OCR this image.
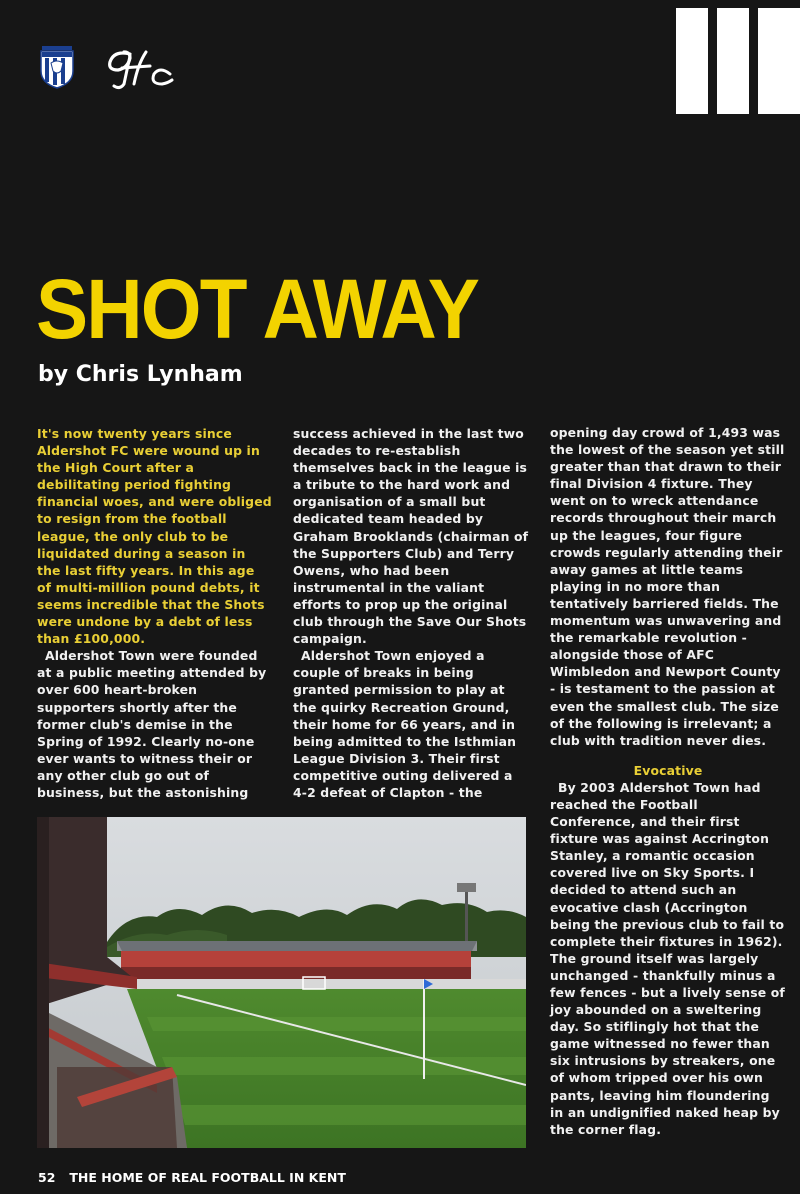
SHOT AWAY
by Chris Lynham

It's now twenty years since Aldershot FC were wound up in the High Court after a debilitating period fighting financial woes, and were obliged to resign from the football league, the only club to be liquidated during a season in the last fifty years. In this age of multi-million pound debts, it seems incredible that the Shots were undone by a debt of less than £100,000.

Aldershot Town were founded at a public meeting attended by over 600 heart-broken supporters shortly after the former club's demise in the Spring of 1992. Clearly no-one ever wants to witness their or any other club go out of business, but the astonishing

success achieved in the last two decades to re-establish themselves back in the league is a tribute to the hard work and organisation of a small but dedicated team headed by Graham Brooklands (chairman of the Supporters Club) and Terry Owens, who had been instrumental in the valiant efforts to prop up the original club through the Save Our Shots campaign.

Aldershot Town enjoyed a couple of breaks in being granted permission to play at the quirky Recreation Ground, their home for 66 years, and in being admitted to the Isthmian League Division 3. Their first competitive outing delivered a 4-2 defeat of Clapton - the

opening day crowd of 1,493 was the lowest of the season yet still greater than that drawn to their final Division 4 fixture. They went on to wreck attendance records throughout their march up the leagues, four figure crowds regularly attending their away games at little teams playing in no more than tentatively barriered fields. The momentum was unwavering and the remarkable revolution - alongside those of AFC Wimbledon and Newport County - is testament to the passion at even the smallest club. The size of the following is irrelevant; a club with tradition never dies.

Evocative

By 2003 Aldershot Town had reached the Football Conference, and their first fixture was against Accrington Stanley, a romantic occasion covered live on Sky Sports. I decided to attend such an evocative clash (Accrington being the previous club to fail to complete their fixtures in 1962). The ground itself was largely unchanged - thankfully minus a few fences - but a lively sense of joy abounded on a sweltering day. So stiflingly hot that the game witnessed no fewer than six intrusions by streakers, one of whom tripped over his own pants, leaving him floundering in an undignified naked heap by the corner flag.

52 THE HOME OF REAL FOOTBALL IN KENT
